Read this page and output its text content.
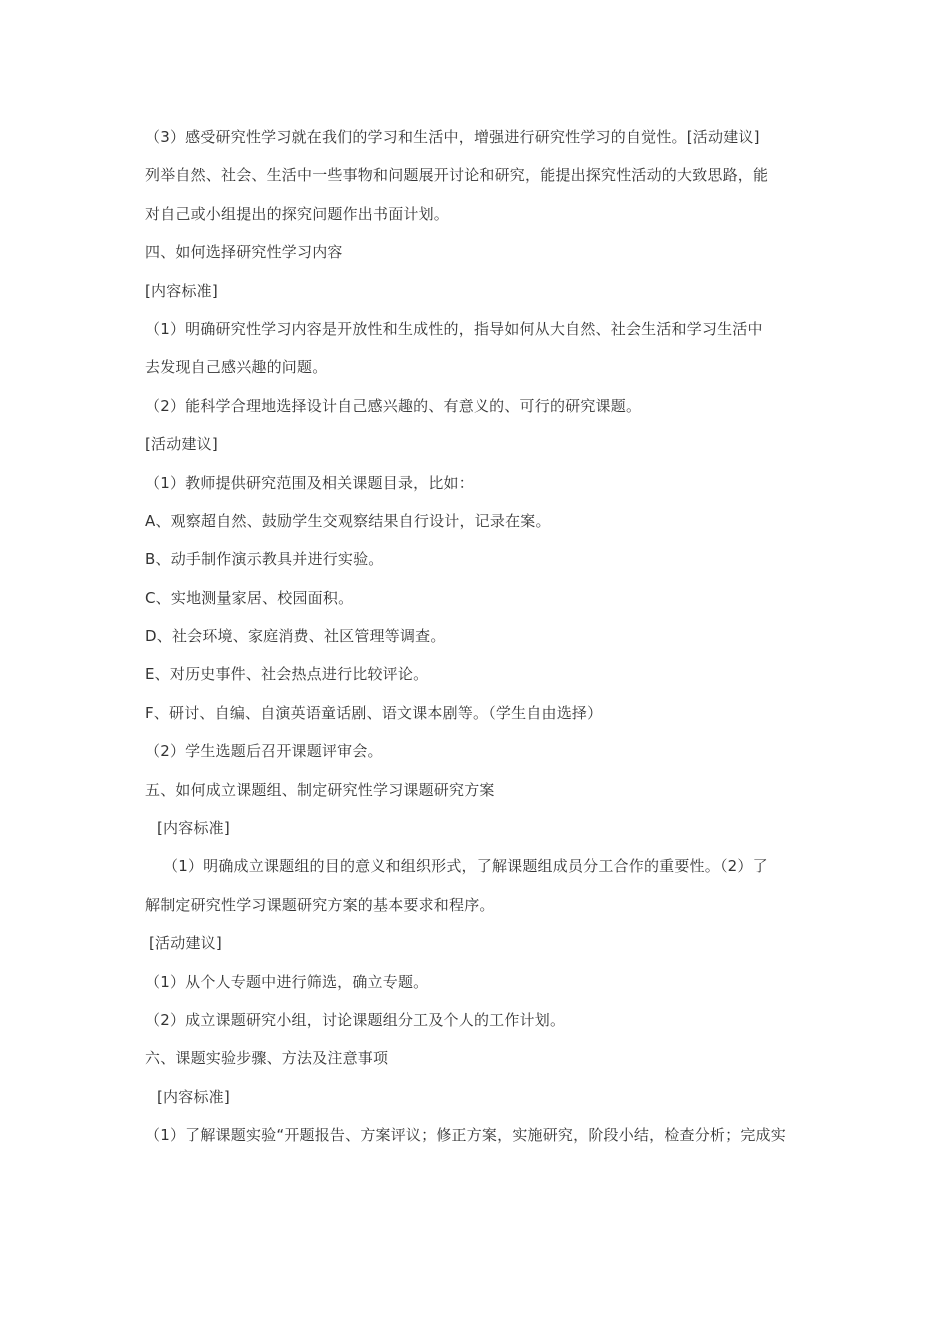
（3）感受研究性学习就在我们的学习和生活中，增强进行研究性学习的自觉性。[活动建议]
列举自然、社会、生活中一些事物和问题展开讨论和研究，能提出探究性活动的大致思路，能
对自己或小组提出的探究问题作出书面计划。
四、如何选择研究性学习内容
[内容标准]
（1）明确研究性学习内容是开放性和生成性的，指导如何从大自然、社会生活和学习生活中
去发现自己感兴趣的问题。
（2）能科学合理地选择设计自己感兴趣的、有意义的、可行的研究课题。
[活动建议]
（1）教师提供研究范围及相关课题目录，比如：
A、观察超自然、鼓励学生交观察结果自行设计，记录在案。
B、动手制作演示教具并进行实验。
C、实地测量家居、校园面积。
D、社会环境、家庭消费、社区管理等调查。
E、对历史事件、社会热点进行比较评论。
F、研讨、自编、自演英语童话剧、语文课本剧等。（学生自由选择）
（2）学生选题后召开课题评审会。
五、如何成立课题组、制定研究性学习课题研究方案
[内容标准]
（1）明确成立课题组的目的意义和组织形式，了解课题组成员分工合作的重要性。（2）了
解制定研究性学习课题研究方案的基本要求和程序。
[活动建议]
（1）从个人专题中进行筛选，确立专题。
（2）成立课题研究小组，讨论课题组分工及个人的工作计划。
六、课题实验步骤、方法及注意事项
[内容标准]
（1）了解课题实验“开题报告、方案评议；修正方案，实施研究，阶段小结，检查分析；完成实
